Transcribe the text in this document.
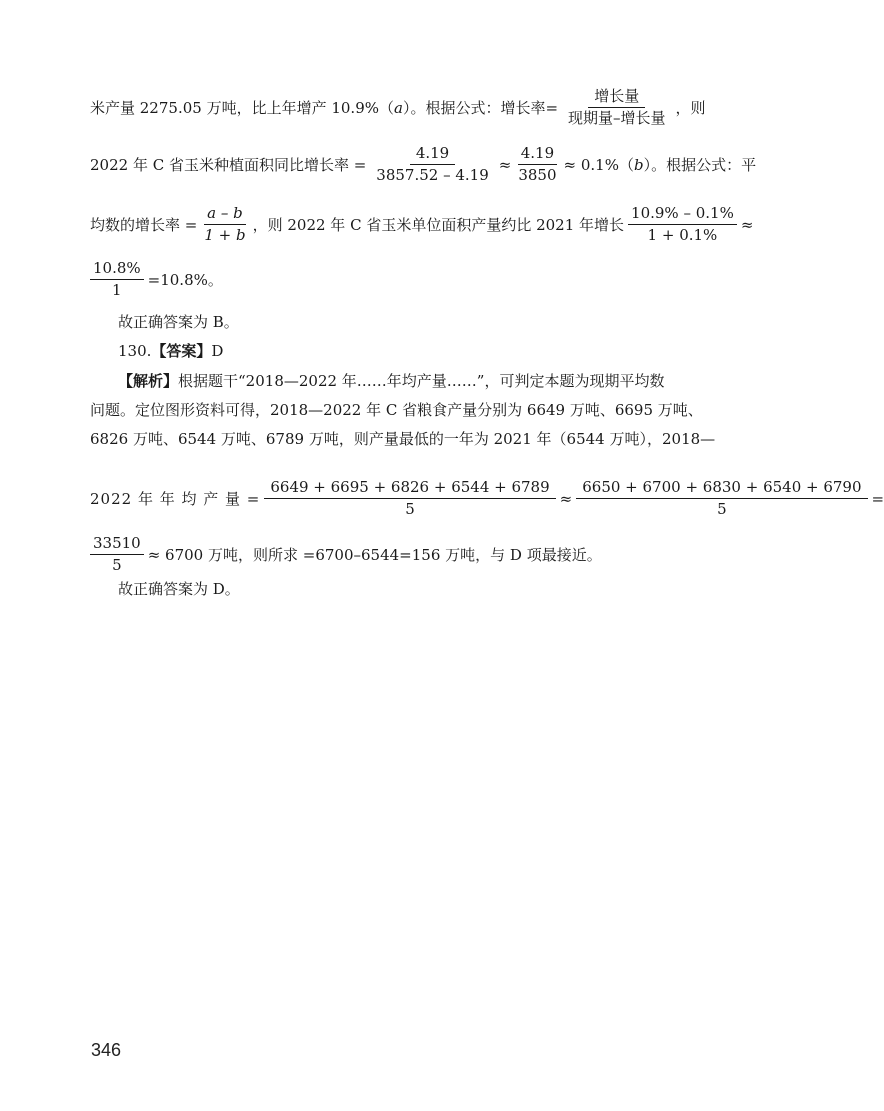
米产量 2275.05 万吨，比上年增产 10.9%（ a ）。根据公式：增长率= $\frac{\text{增长量}}{\text{现期量–增长量}}$ ，则
2022 年 C 省玉米种植面积同比增长率 = $\frac{4.19}{3857.52 - 4.19} \approx \frac{4.19}{3850} \approx 0.1\%$（ b ）。根据公式：平
均数的增长率 = $\frac{a - b}{1 + b}$ ，则 2022 年 C 省玉米单位面积产量约比 2021 年增长 $\frac{10.9\% - 0.1\%}{1 + 0.1\%}$ ≈
$\frac{10.8\%}{1} =10.8\%$。
故正确答案为 B。
130. 【答案】 D
【解析】 根据题干“2018—2022 年……年均产量……”，可判定本题为现期平均数
问题。定位图形资料可得，2018—2022 年 C 省粮食产量分别为 6649 万吨、6695 万吨、
6826 万吨、6544 万吨、6789 万吨，则产量最低的一年为 2021 年（6544 万吨），2018—
2022 年 年 均 产 量 = $\frac{6649 + 6695 + 6826 + 6544 + 6789}{5} \approx \frac{6650 + 6700 + 6830 + 6540 + 6790}{5}$ =
$\frac{33510}{5} \approx 6700$ 万吨，则所求 =6700–6544=156 万吨，与 D 项最接近。
故正确答案为 D。
346
